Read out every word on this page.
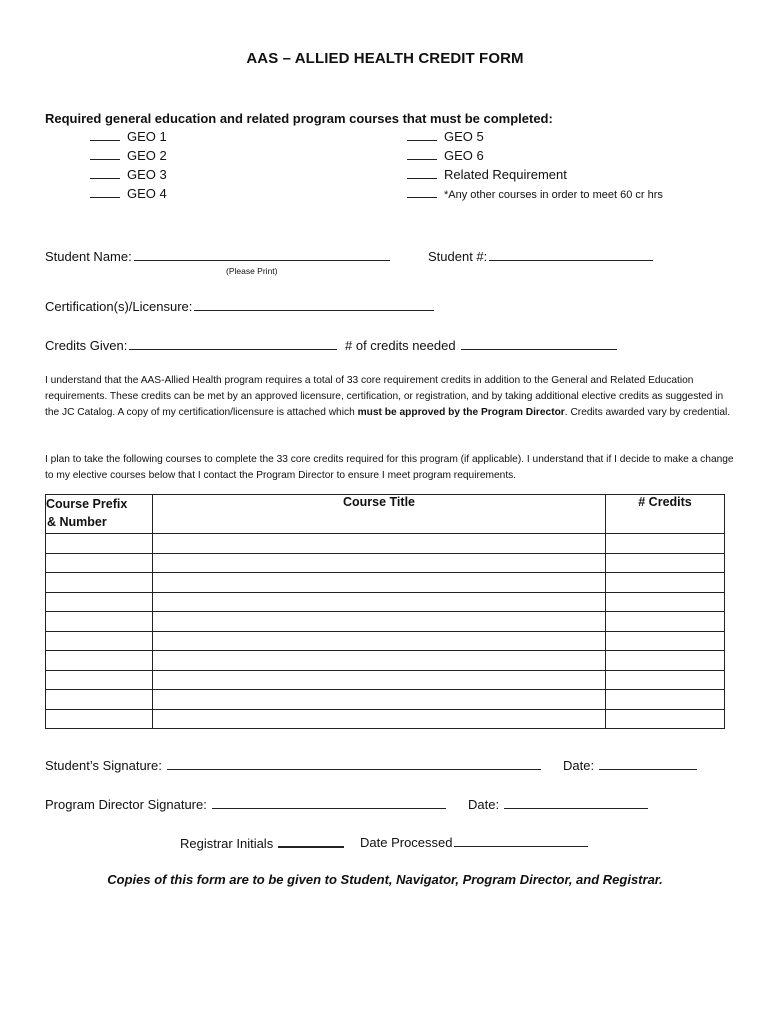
AAS – ALLIED HEALTH CREDIT FORM
Required general education and related program courses that must be completed:
GEO 1
GEO 2
GEO 3
GEO 4
GEO 5
GEO 6
Related Requirement
*Any other courses in order to meet 60 cr hrs
Student Name:
(Please Print)
Student #:
Certification(s)/Licensure:
Credits Given:	# of credits needed
I understand that the AAS-Allied Health program requires a total of 33 core requirement credits in addition to the General and Related Education requirements. These credits can be met by an approved licensure, certification, or registration, and by taking additional elective credits as suggested in the JC Catalog. A copy of my certification/licensure is attached which must be approved by the Program Director. Credits awarded vary by credential.
I plan to take the following courses to complete the 33 core credits required for this program (if applicable). I understand that if I decide to make a change to my elective courses below that I contact the Program Director to ensure I meet program requirements.
Course Prefix
& Number	Course Title	# Credits

Student’s Signature:	Date:
Program Director Signature:	Date:
Registrar Initials	Date Processed
Copies of this form are to be given to Student, Navigator, Program Director, and Registrar.
